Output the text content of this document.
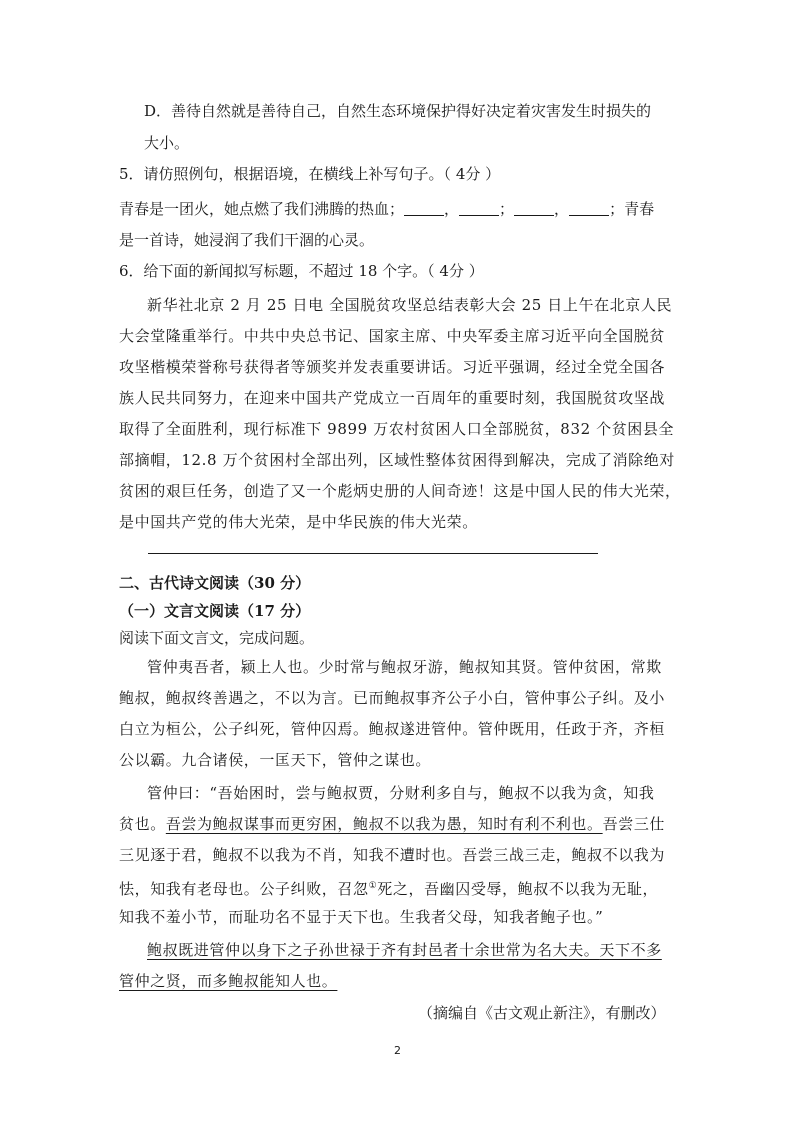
D．善待自然就是善待自己，自然生态环境保护得好决定着灾害发生时损失的
大小。
5．请仿照例句，根据语境，在横线上补写句子。（ 4分 ）
青春是一团火，她点燃了我们沸腾的热血；	，	；	，	；青春
是一首诗，她浸润了我们干涸的心灵。
6．给下面的新闻拟写标题，不超过 18 个字。（ 4分 ）
新华社北京 2 月 25 日电 全国脱贫攻坚总结表彰大会 25 日上午在北京人民
大会堂隆重举行。中共中央总书记、国家主席、中央军委主席习近平向全国脱贫
攻坚楷模荣誉称号获得者等颁奖并发表重要讲话。习近平强调，经过全党全国各
族人民共同努力，在迎来中国共产党成立一百周年的重要时刻，我国脱贫攻坚战
取得了全面胜利，现行标准下 9899 万农村贫困人口全部脱贫，832 个贫困县全
部摘帽，12.8 万个贫困村全部出列，区域性整体贫困得到解决，完成了消除绝对
贫困的艰巨任务，创造了又一个彪炳史册的人间奇迹！这是中国人民的伟大光荣，
是中国共产党的伟大光荣，是中华民族的伟大光荣。
二、古代诗文阅读（30 分）
（一）文言文阅读（17 分）
阅读下面文言文，完成问题。
管仲夷吾者，颍上人也。少时常与鲍叔牙游，鲍叔知其贤。管仲贫困，常欺
鲍叔，鲍叔终善遇之，不以为言。已而鲍叔事齐公子小白，管仲事公子纠。及小
白立为桓公，公子纠死，管仲囚焉。鲍叔遂进管仲。管仲既用，任政于齐，齐桓
公以霸。九合诸侯，一匡天下，管仲之谋也。
管仲曰：“吾始困时，尝与鲍叔贾，分财利多自与，鲍叔不以我为贪，知我
贫也。吾尝为鲍叔谋事而更穷困，鲍叔不以我为愚，知时有利不利也。吾尝三仕
三见逐于君，鲍叔不以我为不肖，知我不遭时也。吾尝三战三走，鲍叔不以我为
怯，知我有老母也。公子纠败，召忽①死之，吾幽囚受辱，鲍叔不以我为无耻，
知我不羞小节，而耻功名不显于天下也。生我者父母，知我者鲍子也。”
鲍叔既进管仲以身下之子孙世禄于齐有封邑者十余世常为名大夫。天下不多
管仲之贤，而多鲍叔能知人也。
（摘编自《古文观止新注》，有删改）
2
